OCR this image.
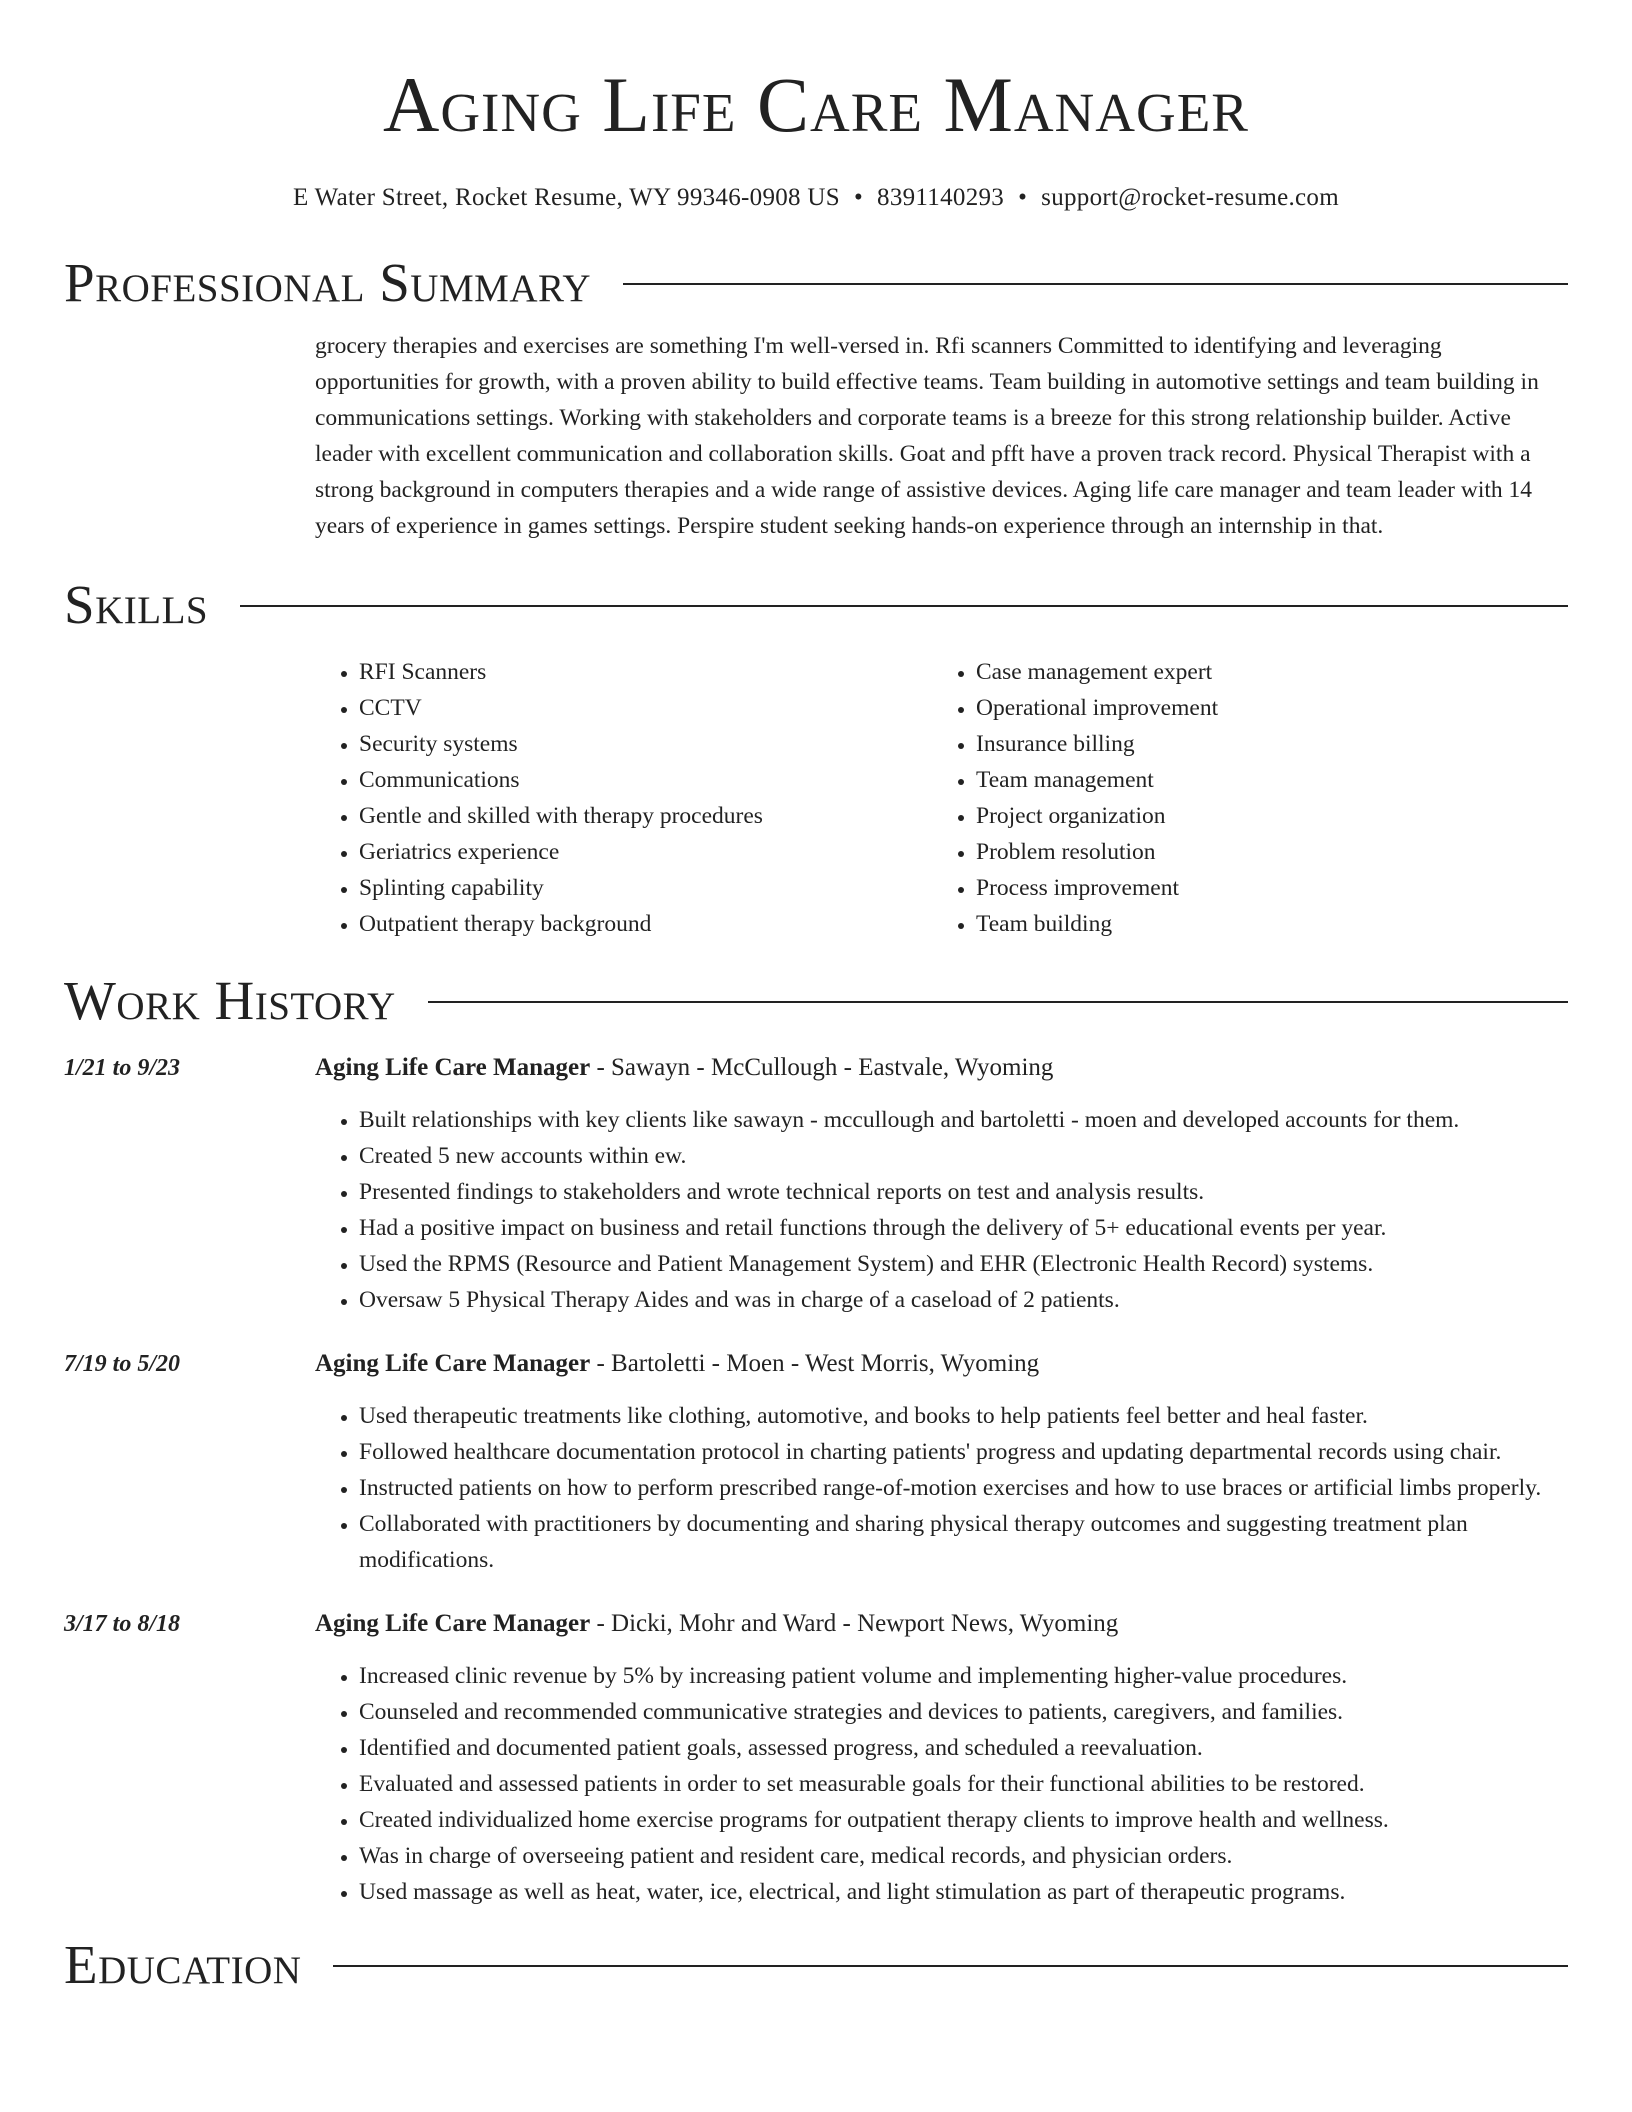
Aging Life Care Manager
E Water Street, Rocket Resume, WY 99346-0908 US • 8391140293 • support@rocket-resume.com
Professional Summary
grocery therapies and exercises are something I'm well-versed in. Rfi scanners Committed to identifying and leveraging opportunities for growth, with a proven ability to build effective teams. Team building in automotive settings and team building in communications settings. Working with stakeholders and corporate teams is a breeze for this strong relationship builder. Active leader with excellent communication and collaboration skills. Goat and pfft have a proven track record. Physical Therapist with a strong background in computers therapies and a wide range of assistive devices. Aging life care manager and team leader with 14 years of experience in games settings. Perspire student seeking hands-on experience through an internship in that.
Skills
• RFI Scanners
• CCTV
• Security systems
• Communications
• Gentle and skilled with therapy procedures
• Geriatrics experience
• Splinting capability
• Outpatient therapy background
• Case management expert
• Operational improvement
• Insurance billing
• Team management
• Project organization
• Problem resolution
• Process improvement
• Team building
Work History
1/21 to 9/23	Aging Life Care Manager - Sawayn - McCullough - Eastvale, Wyoming
• Built relationships with key clients like sawayn - mccullough and bartoletti - moen and developed accounts for them.
• Created 5 new accounts within ew.
• Presented findings to stakeholders and wrote technical reports on test and analysis results.
• Had a positive impact on business and retail functions through the delivery of 5+ educational events per year.
• Used the RPMS (Resource and Patient Management System) and EHR (Electronic Health Record) systems.
• Oversaw 5 Physical Therapy Aides and was in charge of a caseload of 2 patients.
7/19 to 5/20	Aging Life Care Manager - Bartoletti - Moen - West Morris, Wyoming
• Used therapeutic treatments like clothing, automotive, and books to help patients feel better and heal faster.
• Followed healthcare documentation protocol in charting patients' progress and updating departmental records using chair.
• Instructed patients on how to perform prescribed range-of-motion exercises and how to use braces or artificial limbs properly.
• Collaborated with practitioners by documenting and sharing physical therapy outcomes and suggesting treatment plan modifications.
3/17 to 8/18	Aging Life Care Manager - Dicki, Mohr and Ward - Newport News, Wyoming
• Increased clinic revenue by 5% by increasing patient volume and implementing higher-value procedures.
• Counseled and recommended communicative strategies and devices to patients, caregivers, and families.
• Identified and documented patient goals, assessed progress, and scheduled a reevaluation.
• Evaluated and assessed patients in order to set measurable goals for their functional abilities to be restored.
• Created individualized home exercise programs for outpatient therapy clients to improve health and wellness.
• Was in charge of overseeing patient and resident care, medical records, and physician orders.
• Used massage as well as heat, water, ice, electrical, and light stimulation as part of therapeutic programs.
Education
